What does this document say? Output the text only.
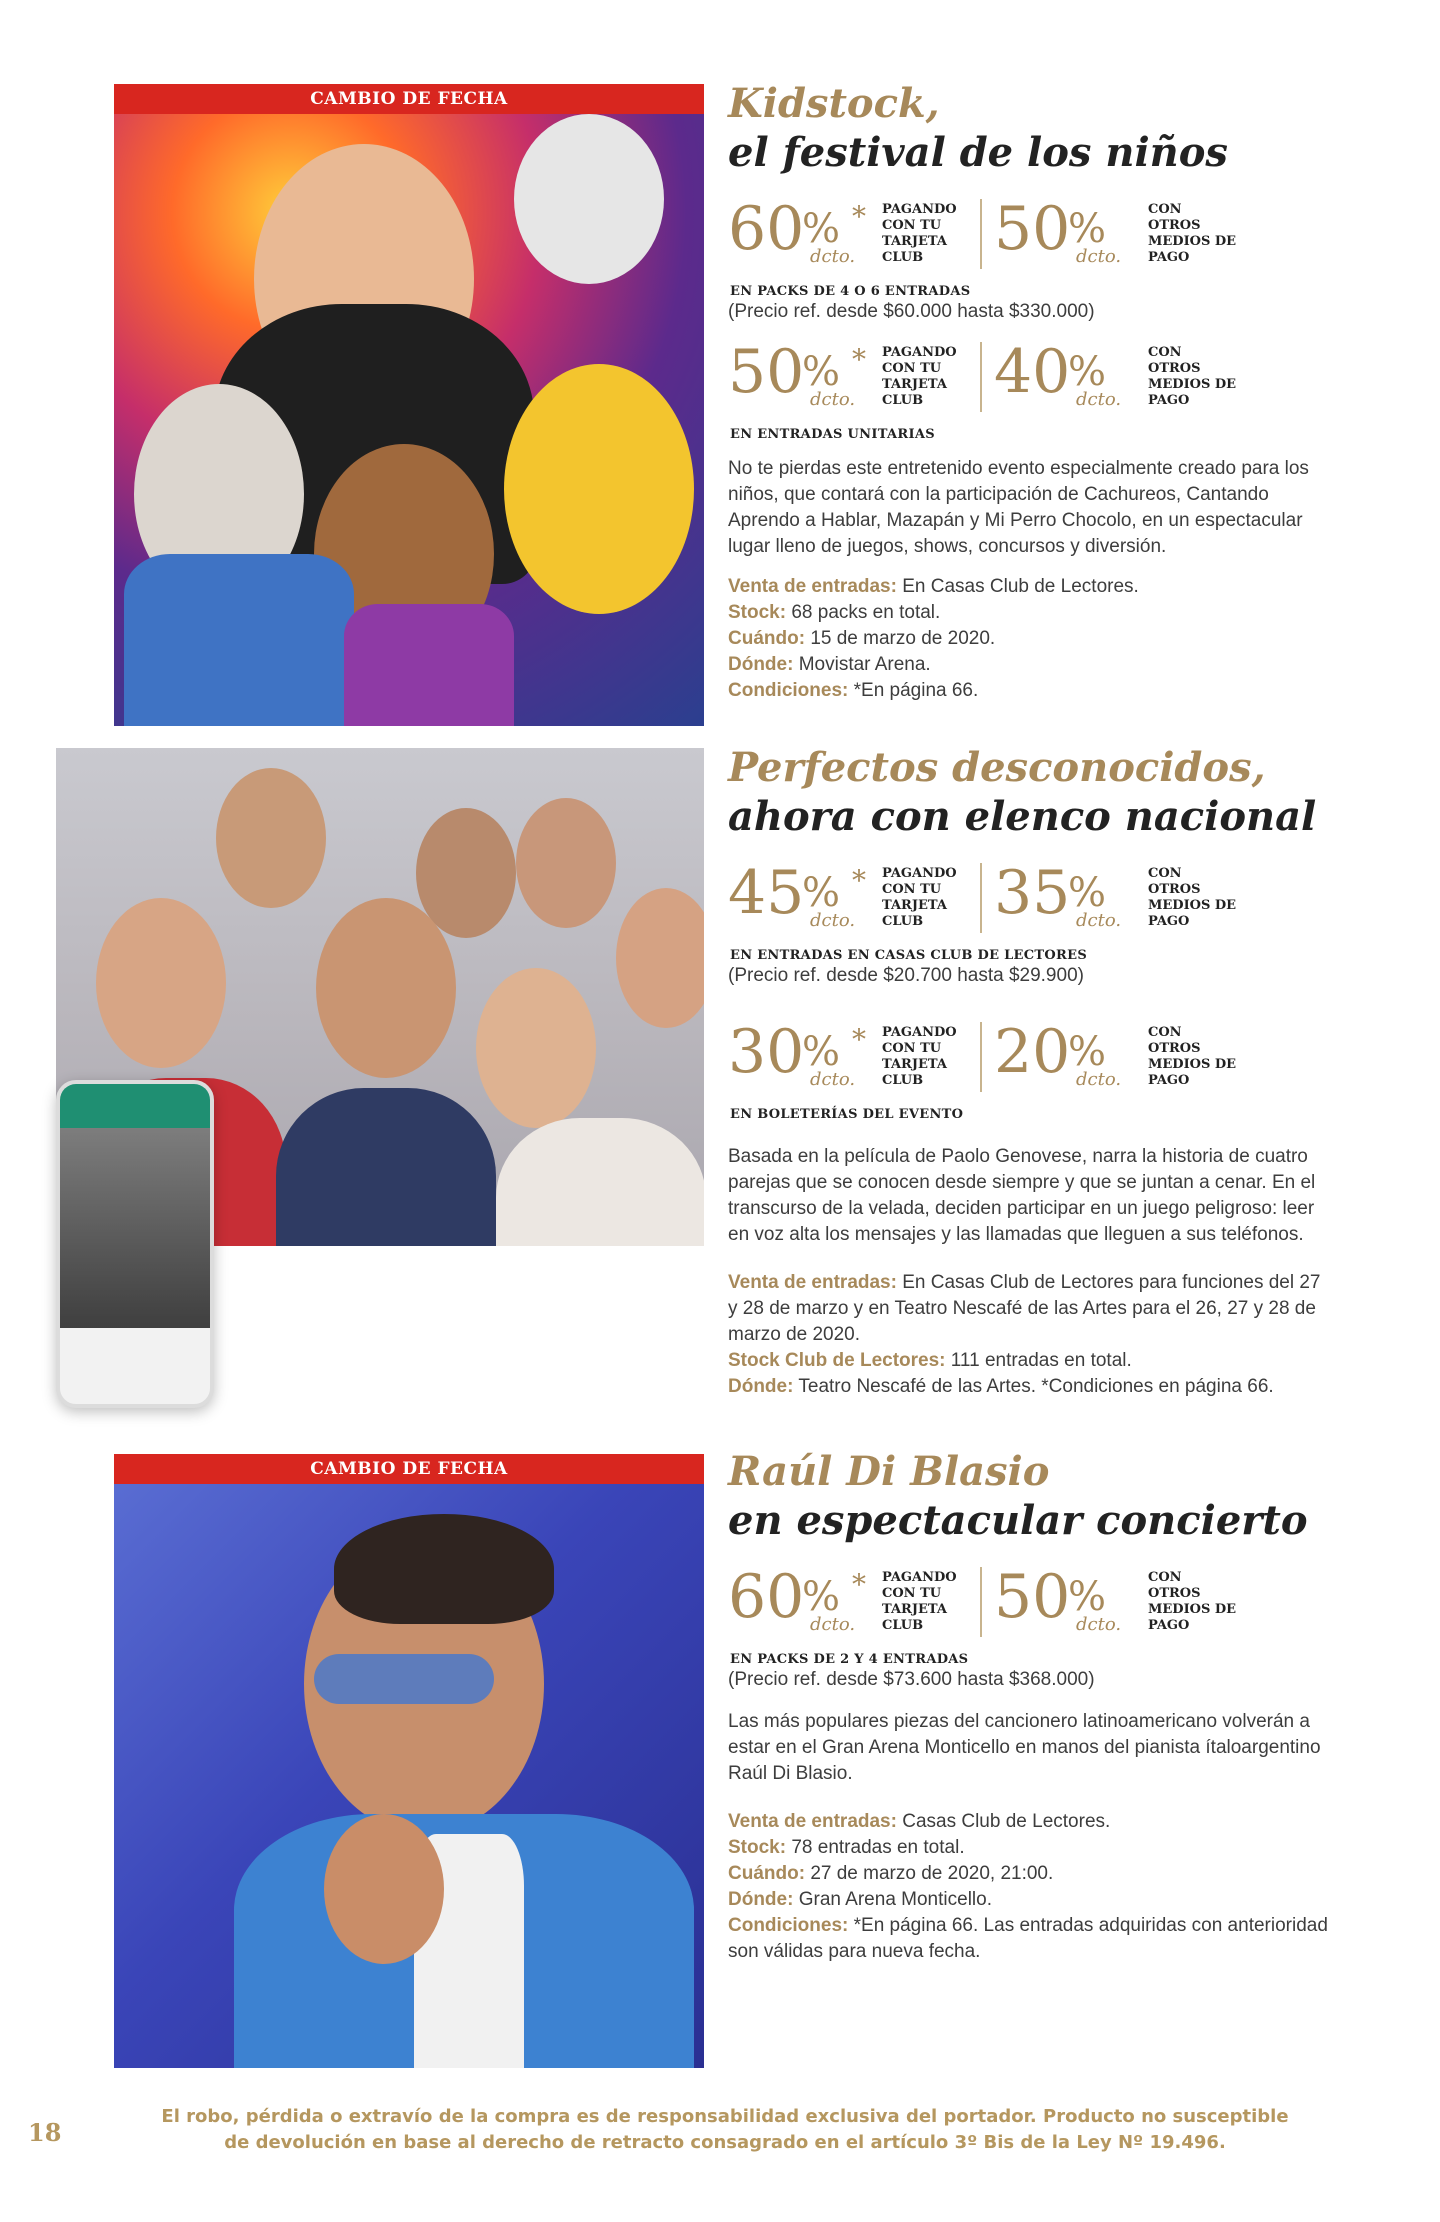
CAMBIO DE FECHA	Kidstock,
el festival de los niños
60
% *
dcto.
PAGANDO CON TU TARJETA CLUB	50
%
dcto.
CON OTROS MEDIOS DE PAGO
EN PACKS DE 4 O 6 ENTRADAS
(Precio ref. desde $60.000 hasta $330.000)
50
% *
dcto.
PAGANDO CON TU TARJETA CLUB	40
%
dcto.
CON OTROS MEDIOS DE PAGO
EN ENTRADAS UNITARIAS

No te pierdas este entretenido evento especialmente creado para los niños, que contará con la participación de Cachureos, Cantando Aprendo a Hablar, Mazapán y Mi Perro Chocolo, en un espectacular lugar lleno de juegos, shows, concursos y diversión.

Venta de entradas: En Casas Club de Lectores.
Stock: 68 packs en total.
Cuándo: 15 de marzo de 2020.
Dónde: Movistar Arena.
Condiciones: *En página 66.
Perfectos desconocidos,
ahora con elenco nacional
45
% *
dcto.
PAGANDO CON TU TARJETA CLUB	35
%
dcto.
CON OTROS MEDIOS DE PAGO
EN ENTRADAS EN CASAS CLUB DE LECTORES
(Precio ref. desde $20.700 hasta $29.900)
30
% *
dcto.
PAGANDO CON TU TARJETA CLUB	20
%
dcto.
CON OTROS MEDIOS DE PAGO
EN BOLETERÍAS DEL EVENTO

Basada en la película de Paolo Genovese, narra la historia de cuatro parejas que se conocen desde siempre y que se juntan a cenar. En el transcurso de la velada, deciden participar en un juego peligroso: leer en voz alta los mensajes y las llamadas que lleguen a sus teléfonos.

Venta de entradas: En Casas Club de Lectores para funciones del 27 y 28 de marzo y en Teatro Nescafé de las Artes para el 26, 27 y 28 de marzo de 2020.
Stock Club de Lectores: 111 entradas en total.
Dónde: Teatro Nescafé de las Artes. *Condiciones en página 66.
CAMBIO DE FECHA	Raúl Di Blasio
en espectacular concierto
60
% *
dcto.
PAGANDO CON TU TARJETA CLUB	50
%
dcto.
CON OTROS MEDIOS DE PAGO
EN PACKS DE 2 Y 4 ENTRADAS
(Precio ref. desde $73.600 hasta $368.000)

Las más populares piezas del cancionero latinoamericano volverán a estar en el Gran Arena Monticello en manos del pianista ítaloargentino Raúl Di Blasio.

Venta de entradas: Casas Club de Lectores.
Stock: 78 entradas en total.
Cuándo: 27 de marzo de 2020, 21:00.
Dónde: Gran Arena Monticello.
Condiciones: *En página 66. Las entradas adquiridas con anterioridad son válidas para nueva fecha.
18
El robo, pérdida o extravío de la compra es de responsabilidad exclusiva del portador. Producto no susceptible de devolución en base al derecho de retracto consagrado en el artículo 3º Bis de la Ley Nº 19.496.
